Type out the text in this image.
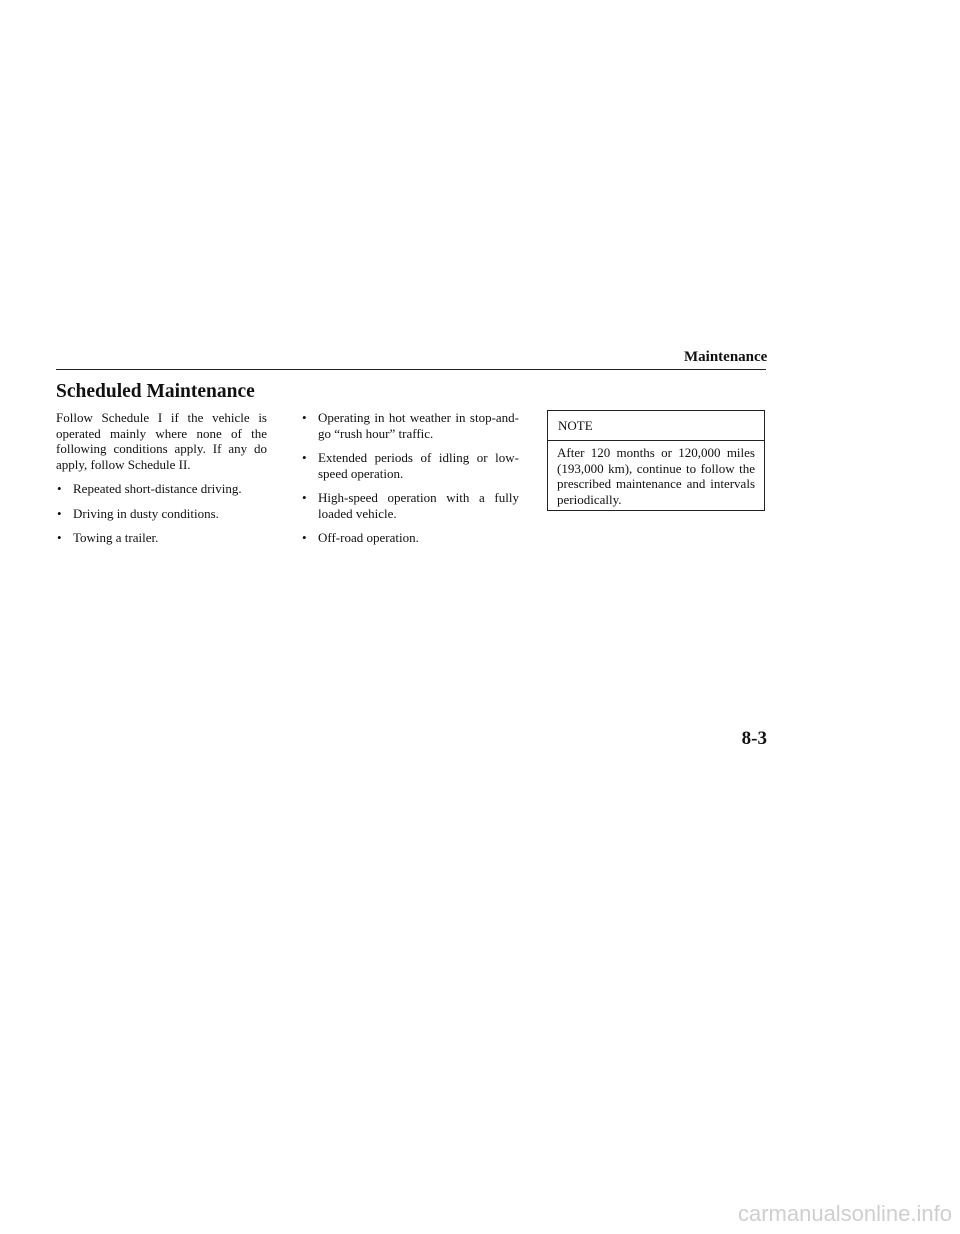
Maintenance
Scheduled Maintenance

Follow Schedule I if the vehicle is operated mainly where none of the following conditions apply. If any do apply, follow Schedule II.

• Repeated short-distance driving.
• Driving in dusty conditions.
• Towing a trailer.
• Operating in hot weather in stop-and-go “rush hour” traffic.
• Extended periods of idling or low-speed operation.
• High-speed operation with a fully loaded vehicle.
• Off-road operation.
NOTE
After 120 months or 120,000 miles (193,000 km), continue to follow the prescribed maintenance and intervals periodically.
8-3
carmanualsonline.info
